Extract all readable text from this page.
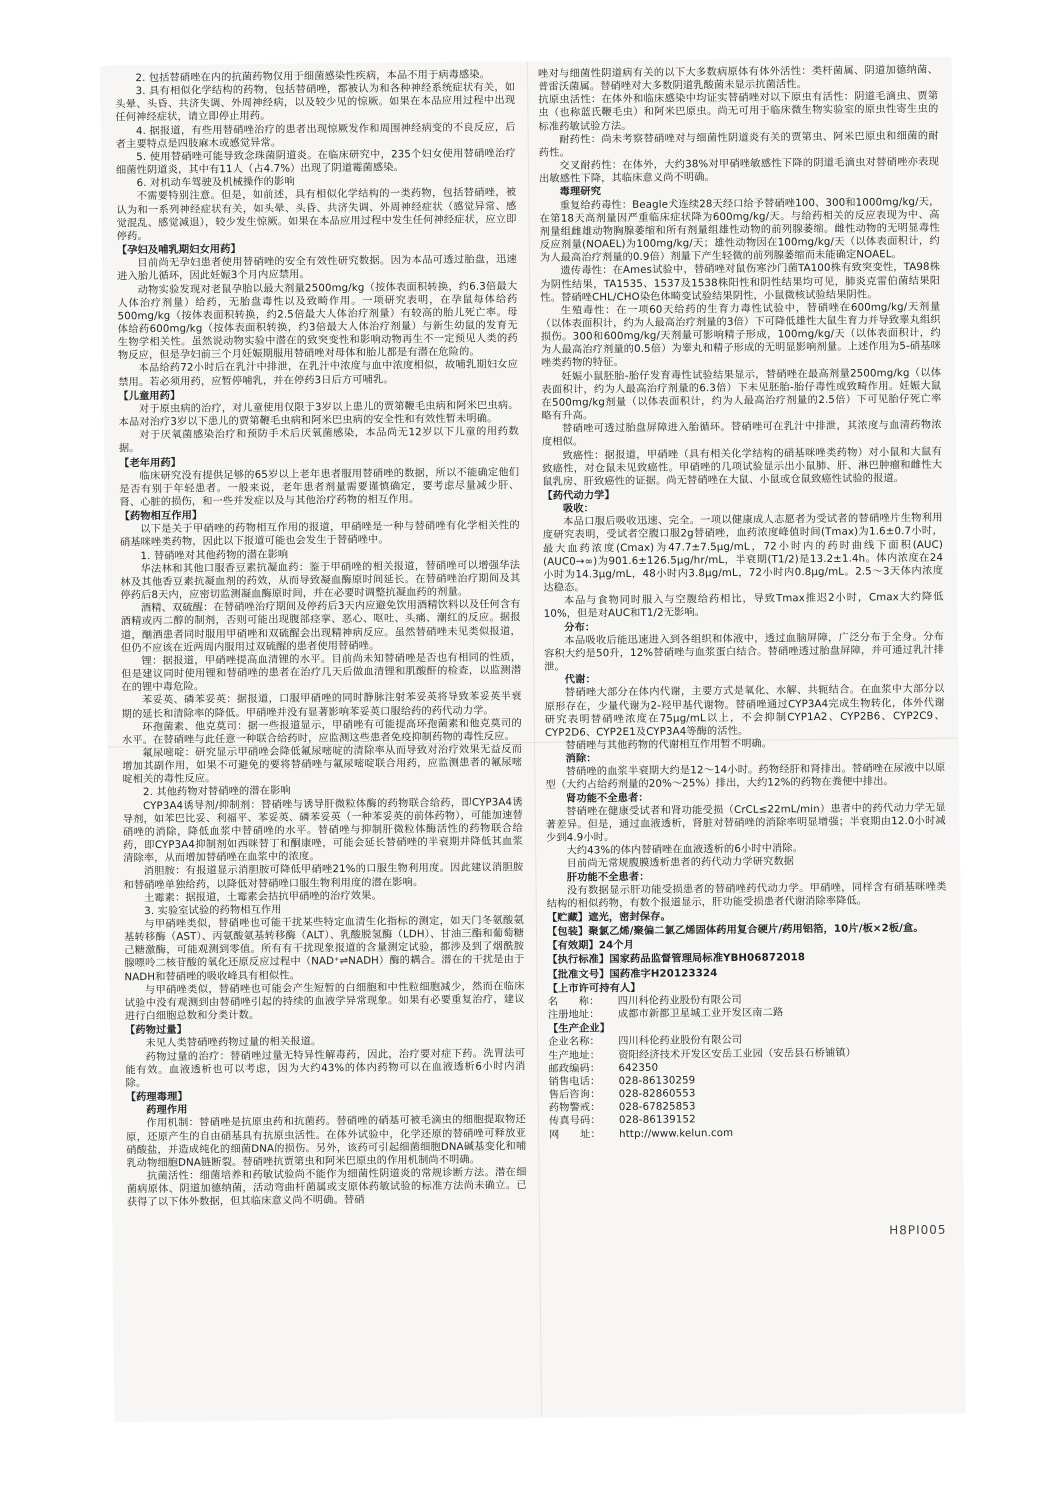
2. 包括替硝唑在内的抗菌药物仅用于细菌感染性疾病，本品不用于病毒感染。

3. 具有相似化学结构的药物，包括替硝唑，都被认为和各种神经系统症状有关，如头晕、头昏、共济失调、外周神经病，以及较少见的惊厥。如果在本品应用过程中出现任何神经症状，请立即停止用药。

4. 据报道，有些用替硝唑治疗的患者出现惊厥发作和周围神经病变的不良反应，后者主要特点是四肢麻木或感觉异常。

5. 使用替硝唑可能导致念珠菌阴道炎。在临床研究中，235个妇女使用替硝唑治疗细菌性阴道炎，其中有11人（占4.7%）出现了阴道霉菌感染。

6. 对机动车驾驶及机械操作的影响

不需要特别注意。但是，如前述，具有相似化学结构的一类药物，包括替硝唑，被认为和一系列神经症状有关，如头晕、头昏、共济失调、外周神经症状（感觉异常、感觉混乱、感觉减退），较少发生惊厥。如果在本品应用过程中发生任何神经症状，应立即停药。

【孕妇及哺乳期妇女用药】

目前尚无孕妇患者使用替硝唑的安全有效性研究数据。因为本品可透过胎盘，迅速进入胎儿循环，因此妊娠3个月内应禁用。

动物实验发现对老鼠孕胎以最大剂量2500mg/kg（按体表面积转换，约6.3倍最大人体治疗剂量）给药，无胎盘毒性以及致畸作用。一项研究表明，在孕鼠每体给药500mg/kg（按体表面积转换，约2.5倍最大人体治疗剂量）有较高的胎儿死亡率。母体给药600mg/kg（按体表面积转换，约3倍最大人体治疗剂量）与新生幼鼠的发育无生物学相关性。虽然说动物实验中潜在的致突变性和影响动物再生不一定预见人类的药物反应，但是孕妇前三个月妊娠期服用替硝唑对母体和胎儿都是有潜在危险的。

本品给药72小时后在乳汁中排泄，在乳汁中浓度与血中浓度相似，故哺乳期妇女应禁用。若必须用药，应暂停哺乳，并在停药3日后方可哺乳。

【儿童用药】

对于原虫病的治疗，对儿童使用仅限于3岁以上患儿的贾第鞭毛虫病和阿米巴虫病。本品对治疗3岁以下患儿的贾第鞭毛虫病和阿米巴虫病的安全性和有效性暂未明确。

对于厌氧菌感染治疗和预防手术后厌氧菌感染，本品尚无12岁以下儿童的用药数据。

【老年用药】

临床研究没有提供足够的65岁以上老年患者服用替硝唑的数据，所以不能确定他们是否有别于年轻患者。一般来说，老年患者剂量需要谨慎确定，要考虑尽量减少肝、肾、心脏的损伤，和一些并发症以及与其他治疗药物的相互作用。

【药物相互作用】

以下是关于甲硝唑的药物相互作用的报道，甲硝唑是一种与替硝唑有化学相关性的硝基咪唑类药物，因此以下报道可能也会发生于替硝唑中。

1. 替硝唑对其他药物的潜在影响

华法林和其他口服香豆素抗凝血药：鉴于甲硝唑的相关报道，替硝唑可以增强华法林及其他香豆素抗凝血剂的药效，从而导致凝血酶原时间延长。在替硝唑治疗期间及其停药后8天内，应密切监测凝血酶原时间，并在必要时调整抗凝血药的剂量。

酒精、双硫醒：在替硝唑治疗期间及停药后3天内应避免饮用酒精饮料以及任何含有酒精或丙二醇的制剂，否则可能出现腹部痉挛、恶心、呕吐、头痛、潮红的反应。据报道，酗酒患者同时服用甲硝唑和双硫醒会出现精神病反应。虽然替硝唑未见类似报道，但仍不应该在近两周内服用过双硫醒的患者使用替硝唑。

锂：据报道，甲硝唑提高血清锂的水平。目前尚未知替硝唑是否也有相同的性质，但是建议同时使用锂和替硝唑的患者在治疗几天后做血清锂和肌酸酐的检查，以监测潜在的锂中毒危险。

苯妥英、磷苯妥英：据报道，口服甲硝唑的同时静脉注射苯妥英将导致苯妥英半衰期的延长和清除率的降低。甲硝唑并没有显著影响苯妥英口服给药的药代动力学。

环孢菌素、他克莫司：据一些报道显示，甲硝唑有可能提高环孢菌素和他克莫司的水平。在替硝唑与此任意一种联合给药时，应监测这些患者免疫抑制药物的毒性反应。

氟尿嘧啶：研究显示甲硝唑会降低氟尿嘧啶的清除率从而导致对治疗效果无益反而增加其副作用，如果不可避免的要将替硝唑与氟尿嘧啶联合用药，应监测患者的氟尿嘧啶相关的毒性反应。

2. 其他药物对替硝唑的潜在影响

CYP3A4诱导剂/抑制剂：替硝唑与诱导肝微粒体酶的药物联合给药，即CYP3A4诱导剂，如苯巴比妥、利福平、苯妥英、磷苯妥英（一种苯妥英的前体药物），可能加速替硝唑的消除，降低血浆中替硝唑的水平。替硝唑与抑制肝微粒体酶活性的药物联合给药，即CYP3A4抑制剂如西咪替丁和酮康唑，可能会延长替硝唑的半衰期并降低其血浆清除率，从而增加替硝唑在血浆中的浓度。

消胆胺：有报道显示消胆胺可降低甲硝唑21%的口服生物利用度。因此建议消胆胺和替硝唑单独给药，以降低对替硝唑口服生物利用度的潜在影响。

土霉素：据报道，土霉素会拮抗甲硝唑的治疗效果。

3. 实验室试验的药物相互作用

与甲硝唑类似，替硝唑也可能干扰某些特定血清生化指标的测定，如天门冬氨酸氨基转移酶（AST）、丙氨酸氨基转移酶（ALT）、乳酸脱氢酶（LDH）、甘油三酯和葡萄糖己糖激酶，可能观测到零值。所有有干扰现象报道的含量测定试验，都涉及到了烟酰胺腺嘌呤二核苷酸的氧化还原反应过程中（NAD⁺⇌NADH）酶的耦合。潜在的干扰是由于NADH和替硝唑的吸收峰具有相似性。

与甲硝唑类似，替硝唑也可能会产生短暂的白细胞和中性粒细胞减少，然而在临床试验中没有观测到由替硝唑引起的持续的血液学异常现象。如果有必要重复治疗，建议进行白细胞总数和分类计数。

【药物过量】

未见人类替硝唑药物过量的相关报道。

药物过量的治疗：替硝唑过量无特异性解毒药，因此，治疗要对症下药。洗胃法可能有效。血液透析也可以考虑，因为大约43%的体内药物可以在血液透析6小时内消除。

【药理毒理】

药理作用

作用机制：替硝唑是抗原虫药和抗菌药。替硝唑的硝基可被毛滴虫的细胞提取物还原，还原产生的自由硝基具有抗原虫活性。在体外试验中，化学还原的替硝唑可释放亚硝酸盐，并造成纯化的细菌DNA的损伤。另外，该药可引起细菌细胞DNA碱基变化和哺乳动物细胞DNA链断裂。替硝唑抗贾第虫和阿米巴原虫的作用机制尚不明确。

抗菌活性：细菌培养和药敏试验尚不能作为细菌性阴道炎的常规诊断方法。潜在细菌病原体、阴道加德纳菌，活动弯曲杆菌属或支原体药敏试验的标准方法尚未确立。已获得了以下体外数据，但其临床意义尚不明确。替硝

唑对与细菌性阴道病有关的以下大多数病原体有体外活性：类杆菌属、阴道加德纳菌、普雷沃菌属。替硝唑对大多数阴道乳酸菌未显示抗菌活性。

抗原虫活性：在体外和临床感染中均证实替硝唑对以下原虫有活性：阴道毛滴虫、贾第虫（也称蓝氏鞭毛虫）和阿米巴原虫。尚无可用于临床微生物实验室的原虫性寄生虫的标准药敏试验方法。

耐药性：尚未考察替硝唑对与细菌性阴道炎有关的贾第虫、阿米巴原虫和细菌的耐药性。

交叉耐药性：在体外，大约38%对甲硝唑敏感性下降的阴道毛滴虫对替硝唑亦表现出敏感性下降，其临床意义尚不明确。

毒理研究

重复给药毒性：Beagle犬连续28天经口给予替硝唑100、300和1000mg/kg/天，在第18天高剂量因严重临床症状降为600mg/kg/天。与给药相关的反应表现为中、高剂量组雌雄动物胸腺萎缩和所有剂量组雄性动物的前列腺萎缩。雌性动物的无明显毒性反应剂量(NOAEL)为100mg/kg/天；雄性动物因在100mg/kg/天（以体表面积计，约为人最高治疗剂量的0.9倍）剂量下产生轻微的前列腺萎缩而未能确定NOAEL。

遗传毒性：在Ames试验中，替硝唑对鼠伤寒沙门菌TA100株有致突变性，TA98株为阴性结果，TA1535、1537及1538株阳性和阴性结果均可见，肺炎克雷伯菌结果阳性。替硝唑CHL/CHO染色体畸变试验结果阴性，小鼠微核试验结果阴性。

生殖毒性：在一项60天给药的生育力毒性试验中，替硝唑在600mg/kg/天剂量（以体表面积计，约为人最高治疗剂量的3倍）下可降低雄性大鼠生育力并导致睾丸组织损伤。300和600mg/kg/天剂量可影响精子形成，100mg/kg/天（以体表面积计，约为人最高治疗剂量的0.5倍）为睾丸和精子形成的无明显影响剂量。上述作用为5-硝基咪唑类药物的特征。

妊娠小鼠胚胎-胎仔发育毒性试验结果显示，替硝唑在最高剂量2500mg/kg（以体表面积计，约为人最高治疗剂量的6.3倍）下未见胚胎-胎仔毒性或致畸作用。妊娠大鼠在500mg/kg剂量（以体表面积计，约为人最高治疗剂量的2.5倍）下可见胎仔死亡率略有升高。

替硝唑可透过胎盘屏障进入胎循环。替硝唑可在乳汁中排泄，其浓度与血清药物浓度相似。

致癌性：据报道，甲硝唑（具有相关化学结构的硝基咪唑类药物）对小鼠和大鼠有致癌性，对仓鼠未见致癌性。甲硝唑的几项试验显示出小鼠肺、肝、淋巴肿瘤和雌性大鼠乳房、肝致癌性的证据。尚无替硝唑在大鼠、小鼠或仓鼠致癌性试验的报道。

【药代动力学】

吸收：

本品口服后吸收迅速、完全。一项以健康成人志愿者为受试者的替硝唑片生物利用度研究表明，受试者空腹口服2g替硝唑，血药浓度峰值时间(Tmax)为1.6±0.7小时，最大血药浓度(Cmax)为47.7±7.5μg/mL，72小时内的药时曲线下面积(AUC)(AUC0→∞)为901.6±126.5μg/hr/mL，半衰期(T1/2)是13.2±1.4h。体内浓度在24小时为14.3μg/mL，48小时内3.8μg/mL，72小时内0.8μg/mL。2.5～3天体内浓度达稳态。

本品与食物同时服入与空腹给药相比，导致Tmax推迟2小时，Cmax大约降低10%，但是对AUC和T1/2无影响。

分布：

本品吸收后能迅速进入到各组织和体液中，透过血脑屏障，广泛分布于全身。分布容积大约是50升，12%替硝唑与血浆蛋白结合。替硝唑透过胎盘屏障，并可通过乳汁排泄。

代谢：

替硝唑大部分在体内代谢，主要方式是氧化、水解、共轭结合。在血浆中大部分以原形存在，少量代谢为2-羟甲基代谢物。替硝唑通过CYP3A4完成生物转化，体外代谢研究表明替硝唑浓度在75μg/mL以上，不会抑制CYP1A2、CYP2B6、CYP2C9、CYP2D6、CYP2E1及CYP3A4等酶的活性。

替硝唑与其他药物的代谢相互作用暂不明确。

消除：

替硝唑的血浆半衰期大约是12～14小时。药物经肝和肾排出。替硝唑在尿液中以原型（大约占给药剂量的20%～25%）排出，大约12%的药物在粪便中排出。

肾功能不全患者：

替硝唑在健康受试者和肾功能受损（CrCL≤22mL/min）患者中的药代动力学无显著差异。但是，通过血液透析，肾脏对替硝唑的消除率明显增强；半衰期由12.0小时减少到4.9小时。

大约43%的体内替硝唑在血液透析的6小时中消除。

目前尚无常规腹膜透析患者的药代动力学研究数据

肝功能不全患者：

没有数据显示肝功能受损患者的替硝唑药代动力学。甲硝唑，同样含有硝基咪唑类结构的相似药物，有数个报道显示，肝功能受损患者代谢消除率降低。

【贮藏】遮光，密封保存。

【包装】聚氯乙烯/聚偏二氯乙烯固体药用复合硬片/药用铝箔，10片/板×2板/盒。

【有效期】24个月

【执行标准】国家药品监督管理局标准YBH06872018

【批准文号】国药准字H20123324

【上市许可持有人】

名　　称：	四川科伦药业股份有限公司
注册地址：	成都市新都卫星城工业开发区南二路

【生产企业】

企业名称：	四川科伦药业股份有限公司
生产地址：	资阳经济技术开发区安岳工业园（安岳县石桥铺镇）
邮政编码：	642350
销售电话：	028-86130259
售后咨询：	028-82860553
药物警戒：	028-67825853
传真号码：	028-86139152
网　　址：	http://www.kelun.com
H8PI005
